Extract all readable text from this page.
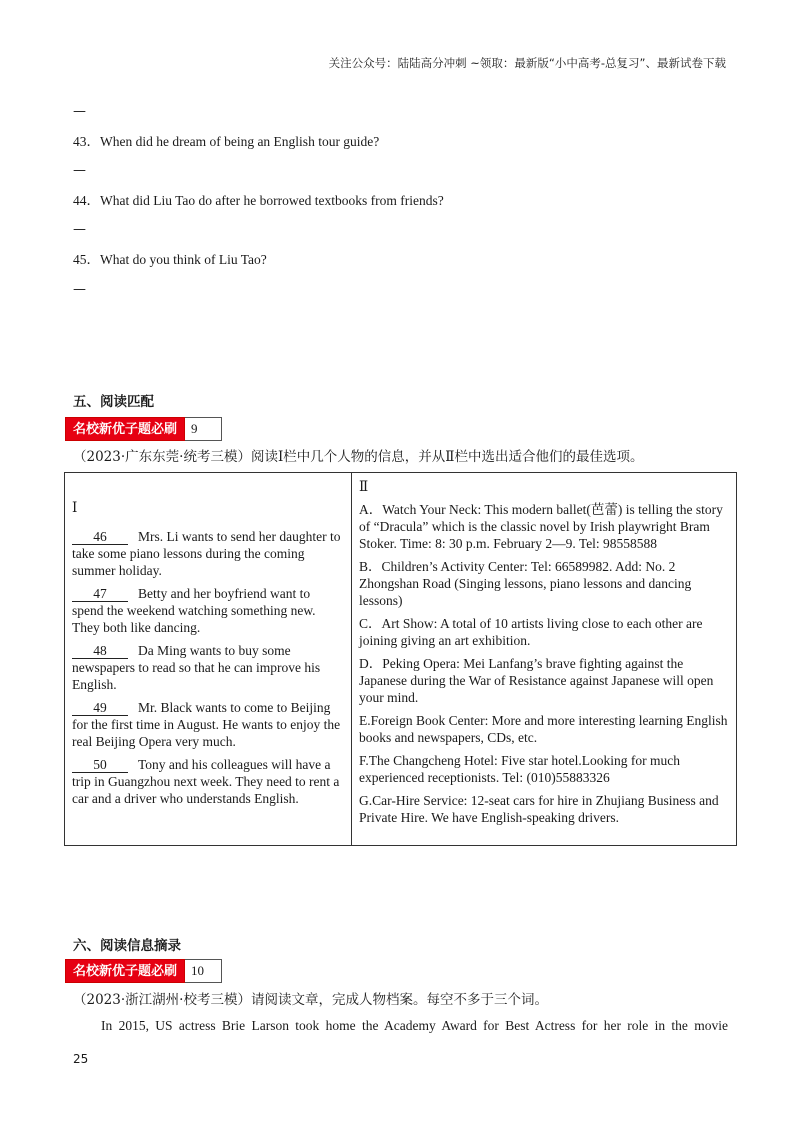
关注公众号：陆陆高分冲刺 ~领取：最新版“小中高考-总复习”、最新试卷下载
—
43．When did he dream of being an English tour guide?
—
44．What did Liu Tao do after he borrowed textbooks from friends?
—
45．What do you think of Liu Tao?
—
五、阅读匹配
名校新优子题必刷	9
（2023·广东东莞·统考三模）阅读Ⅰ栏中几个人物的信息，并从Ⅱ栏中选出适合他们的最佳选项。
Ⅰ
46 Mrs. Li wants to send her daughter to take some piano lessons during the coming summer holiday.
47 Betty and her boyfriend want to spend the weekend watching something new. They both like dancing.
48 Da Ming wants to buy some newspapers to read so that he can improve his English.
49 Mr. Black wants to come to Beijing for the first time in August. He wants to enjoy the real Beijing Opera very much.
50 Tony and his colleagues will have a trip in Guangzhou next week. They need to rent a car and a driver who understands English.

Ⅱ
A．Watch Your Neck: This modern ballet(芭蕾) is telling the story of “Dracula” which is the classic novel by Irish playwright Bram Stoker. Time: 8: 30 p.m. February 2—9. Tel: 98558588
B．Children’s Activity Center: Tel: 66589982. Add: No. 2 Zhongshan Road (Singing lessons, piano lessons and dancing lessons)
C．Art Show: A total of 10 artists living close to each other are joining giving an art exhibition.
D．Peking Opera: Mei Lanfang’s brave fighting against the Japanese during the War of Resistance against Japanese will open your mind.
E.Foreign Book Center: More and more interesting learning English books and newspapers, CDs, etc.
F.The Changcheng Hotel: Five star hotel.Looking for much experienced receptionists. Tel: (010)55883326
G.Car-Hire Service: 12-seat cars for hire in Zhujiang Business and Private Hire. We have English-speaking drivers.
六、阅读信息摘录
名校新优子题必刷	10
（2023·浙江湖州·校考三模）请阅读文章，完成人物档案。每空不多于三个词。
In 2015, US actress Brie Larson took home the Academy Award for Best Actress for her role in the movie
25
